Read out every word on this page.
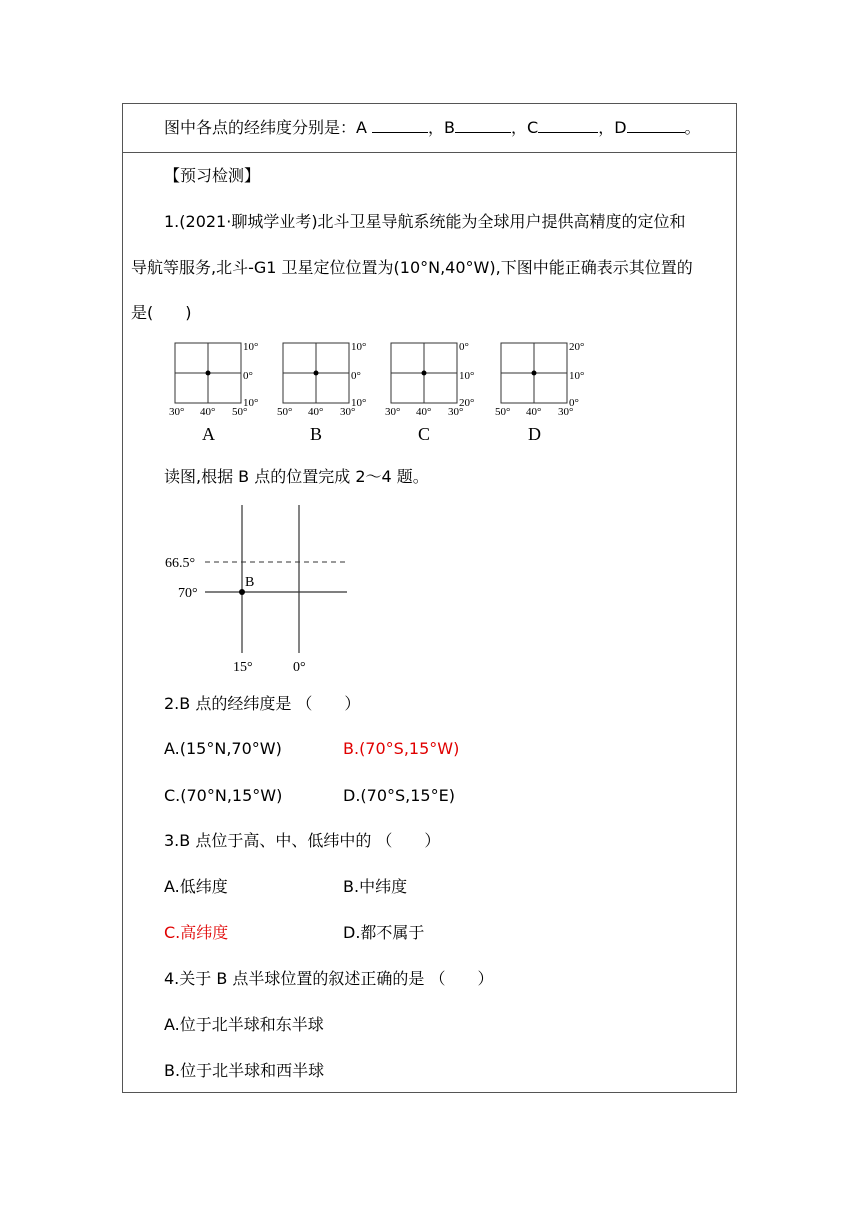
图中各点的经纬度分别是：A	，B	，C	，D	。
【预习检测】
1.(2021·聊城学业考)北斗卫星导航系统能为全球用户提供高精度的定位和
导航等服务,北斗-G1 卫星定位位置为(10°N,40°W),下图中能正确表示其位置的
是(　　)
10°
0°
10°
30° 40° 50°
A
10°
0°
10°
50° 40° 30°
B
0°
10°
20°
30° 40° 30°
C
20°
10°
0°
50° 40° 30°
D
读图,根据 B 点的位置完成 2～4 题。
66.5°
70°
B
15°	0°
2.B 点的经纬度是 （　　）
A.(15°N,70°W)	B.(70°S,15°W)
C.(70°N,15°W)	D.(70°S,15°E)
3.B 点位于高、中、低纬中的 （　　）
A.低纬度	B.中纬度
C.高纬度	D.都不属于
4.关于 B 点半球位置的叙述正确的是 （　　）
A.位于北半球和东半球
B.位于北半球和西半球
